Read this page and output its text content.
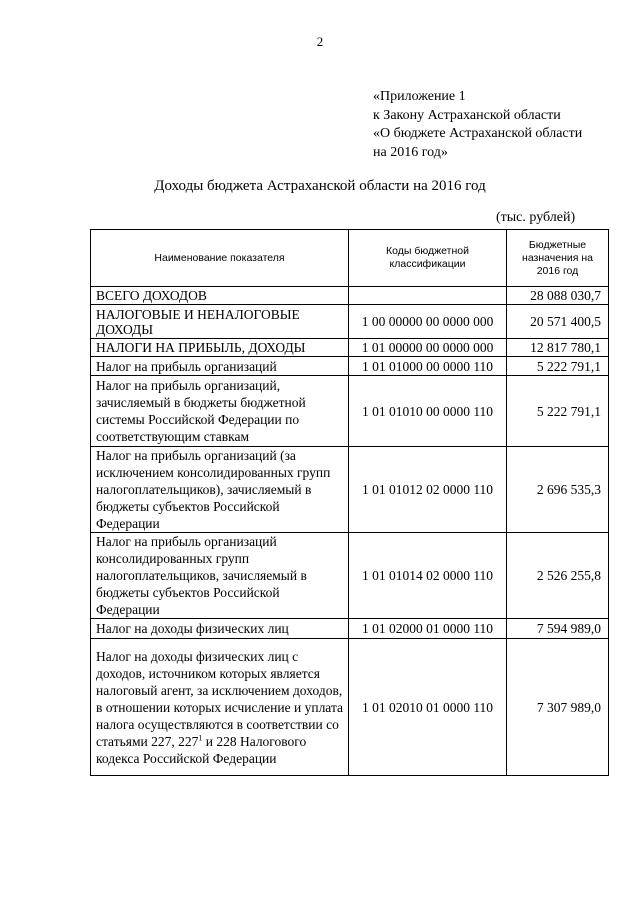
2
«Приложение 1
к Закону Астраханской области
«О бюджете Астраханской области
на 2016 год»
Доходы бюджета Астраханской области на 2016 год
(тыс. рублей)
Наименование показателя	Коды бюджетной классификации	Бюджетные назначения на 2016 год
ВСЕГО ДОХОДОВ		28 088 030,7
НАЛОГОВЫЕ И НЕНАЛОГОВЫЕ ДОХОДЫ	1 00 00000 00 0000 000	20 571 400,5
НАЛОГИ НА ПРИБЫЛЬ, ДОХОДЫ	1 01 00000 00 0000 000	12 817 780,1
Налог на прибыль организаций	1 01 01000 00 0000 110	5 222 791,1
Налог на прибыль организаций, зачисляемый в бюджеты бюджетной системы Российской Федерации по соответствующим ставкам	1 01 01010 00 0000 110	5 222 791,1
Налог на прибыль организаций (за исключением консолидированных групп налогоплательщиков), зачисляемый в бюджеты субъектов Российской Федерации	1 01 01012 02 0000 110	2 696 535,3
Налог на прибыль организаций консолидированных групп налогоплательщиков, зачисляемый в бюджеты субъектов Российской Федерации	1 01 01014 02 0000 110	2 526 255,8
Налог на доходы физических лиц	1 01 02000 01 0000 110	7 594 989,0
Налог на доходы физических лиц с доходов, источником которых является налоговый агент, за исключением доходов, в отношении которых исчисление и уплата налога осуществляются в соответствии со статьями 227, $227^1$ и 228 Налогового кодекса Российской Федерации	1 01 02010 01 0000 110	7 307 989,0
